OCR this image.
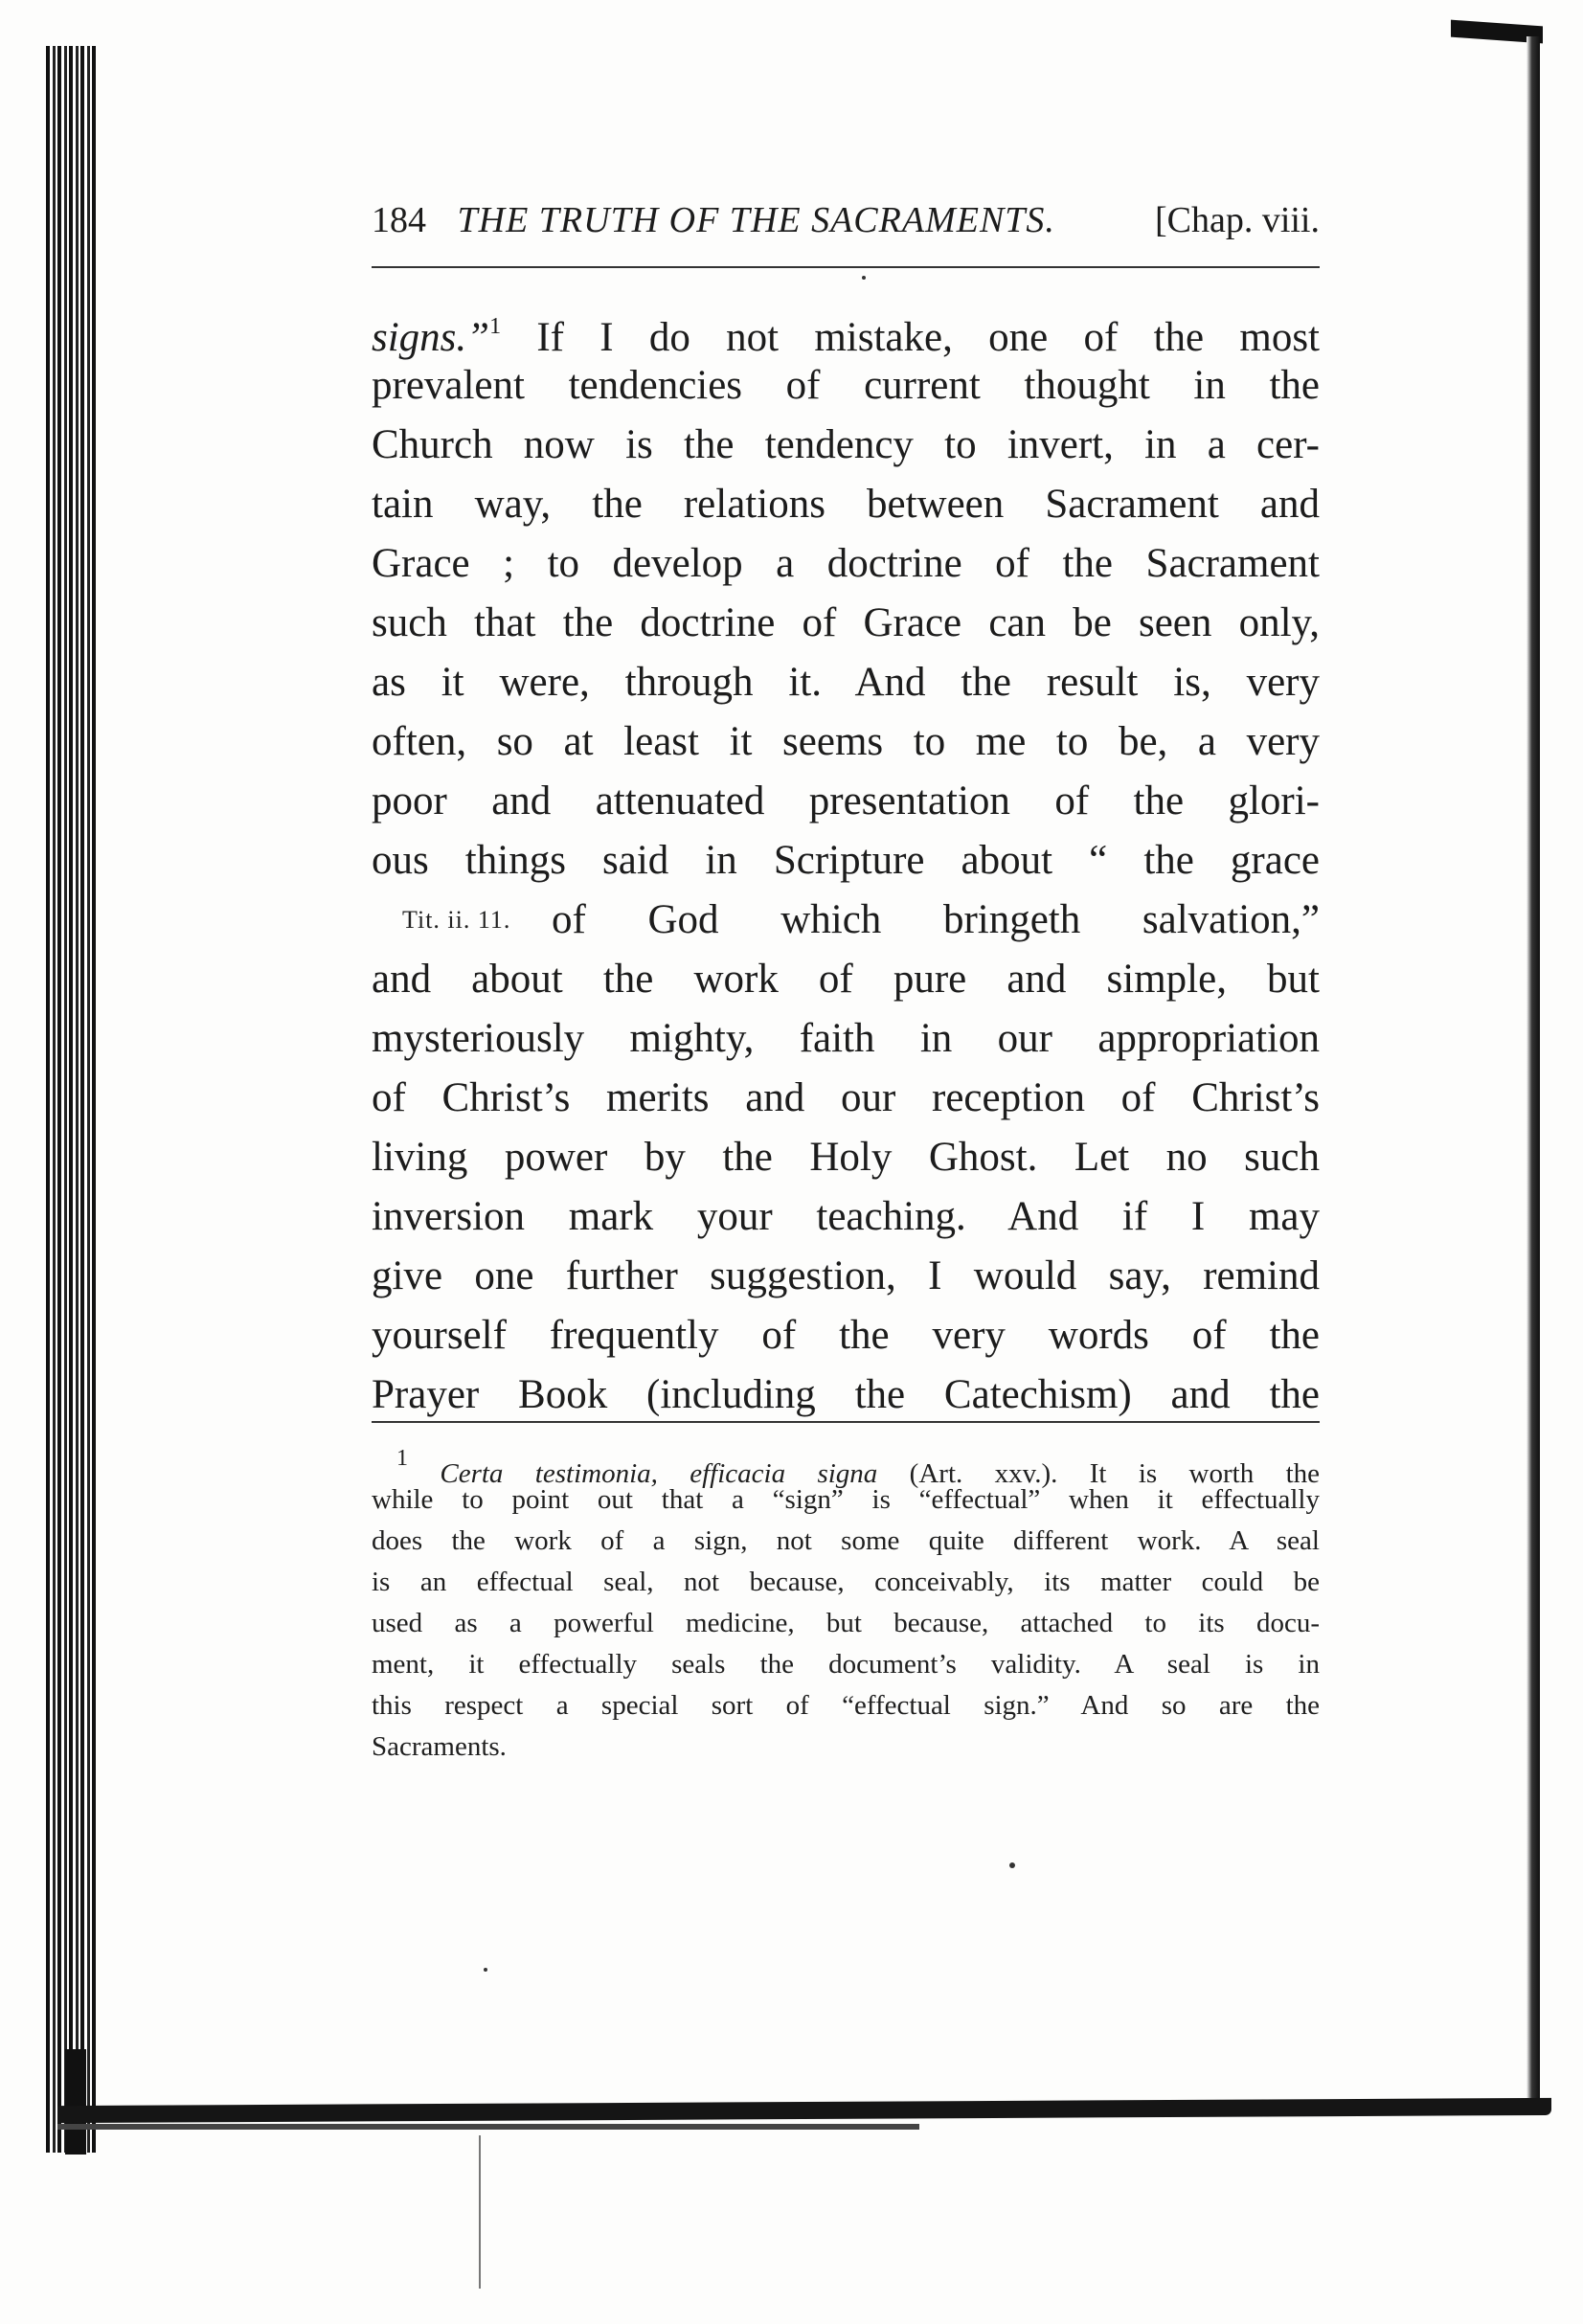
184 THE TRUTH OF THE SACRAMENTS.	[Chap. viii.
signs.”$^1$ If I do not mistake, one of the most
prevalent tendencies of current thought in the
Church now is the tendency to invert, in a cer-
tain way, the relations between Sacrament and
Grace ; to develop a doctrine of the Sacrament
such that the doctrine of Grace can be seen only,
as it were, through it. And the result is, very
often, so at least it seems to me to be, a very
poor and attenuated presentation of the glori-
ous things said in Scripture about “ the grace
of God which bringeth salvation,”
and about the work of pure and simple, but
mysteriously mighty, faith in our appropriation
of Christ’s merits and our reception of Christ’s
living power by the Holy Ghost. Let no such
inversion mark your teaching. And if I may
give one further suggestion, I would say, remind
yourself frequently of the very words of the
Prayer Book (including the Catechism) and the
Tit. ii. 11.
$^1$ Certa testimonia, efficacia signa (Art. xxv.). It is worth the
while to point out that a “sign” is “effectual” when it effectually
does the work of a sign, not some quite different work. A seal
is an effectual seal, not because, conceivably, its matter could be
used as a powerful medicine, but because, attached to its docu-
ment, it effectually seals the document’s validity. A seal is in
this respect a special sort of “effectual sign.” And so are the
Sacraments.
